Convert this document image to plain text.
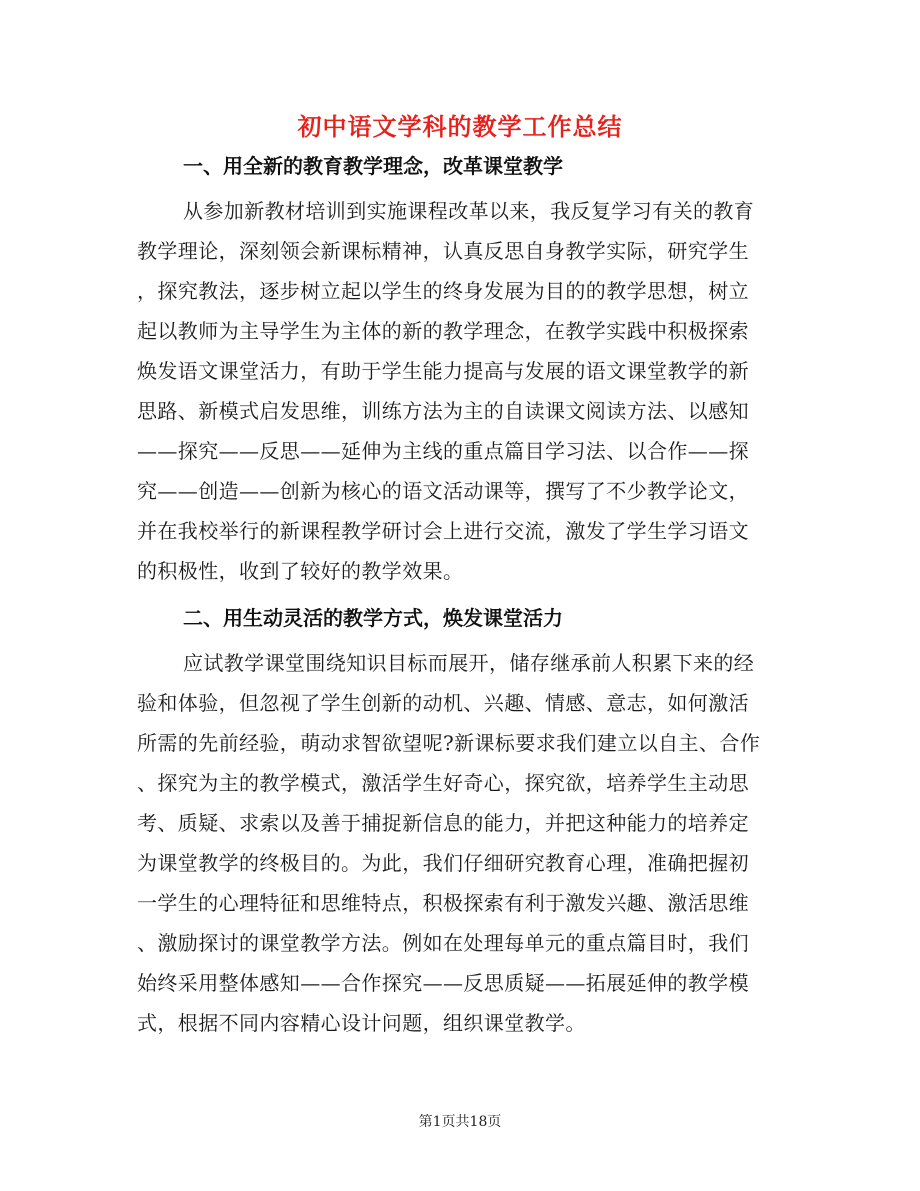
初中语文学科的教学工作总结
一、用全新的教育教学理念，改革课堂教学
从参加新教材培训到实施课程改革以来，我反复学习有关的教育
教学理论，深刻领会新课标精神，认真反思自身教学实际，研究学生
，探究教法，逐步树立起以学生的终身发展为目的的教学思想，树立
起以教师为主导学生为主体的新的教学理念，在教学实践中积极探索
焕发语文课堂活力，有助于学生能力提高与发展的语文课堂教学的新
思路、新模式启发思维，训练方法为主的自读课文阅读方法、以感知
——探究——反思——延伸为主线的重点篇目学习法、以合作——探
究——创造——创新为核心的语文活动课等，撰写了不少教学论文，
并在我校举行的新课程教学研讨会上进行交流，激发了学生学习语文
的积极性，收到了较好的教学效果。
二、用生动灵活的教学方式，焕发课堂活力
应试教学课堂围绕知识目标而展开，储存继承前人积累下来的经
验和体验，但忽视了学生创新的动机、兴趣、情感、意志，如何激活
所需的先前经验，萌动求智欲望呢?新课标要求我们建立以自主、合作
、探究为主的教学模式，激活学生好奇心，探究欲，培养学生主动思
考、质疑、求索以及善于捕捉新信息的能力，并把这种能力的培养定
为课堂教学的终极目的。为此，我们仔细研究教育心理，准确把握初
一学生的心理特征和思维特点，积极探索有利于激发兴趣、激活思维
、激励探讨的课堂教学方法。例如在处理每单元的重点篇目时，我们
始终采用整体感知——合作探究——反思质疑——拓展延伸的教学模
式，根据不同内容精心设计问题，组织课堂教学。
第1页共18页
